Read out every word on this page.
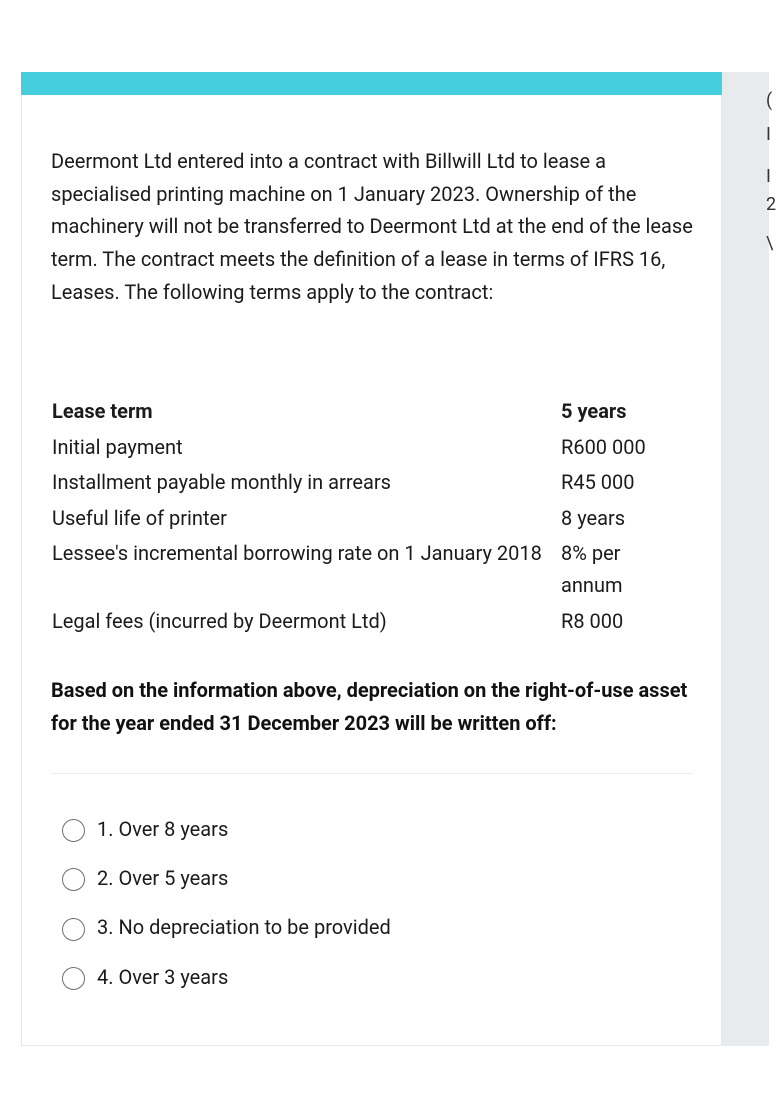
(
I
I
2
\

Deermont Ltd entered into a contract with Billwill Ltd to lease a specialised printing machine on 1 January 2023. Ownership of the machinery will not be transferred to Deermont Ltd at the end of the lease term. The contract meets the definition of a lease in terms of IFRS 16, Leases. The following terms apply to the contract:

Lease term	5 years
Initial payment	R600 000
Installment payable monthly in arrears	R45 000
Useful life of printer	8 years
Lessee's incremental borrowing rate on 1 January 2018	8% per annum
Legal fees (incurred by Deermont Ltd)	R8 000

Based on the information above, depreciation on the right-of-use asset for the year ended 31 December 2023 will be written off:

1. Over 8 years
2. Over 5 years
3. No depreciation to be provided
4. Over 3 years
